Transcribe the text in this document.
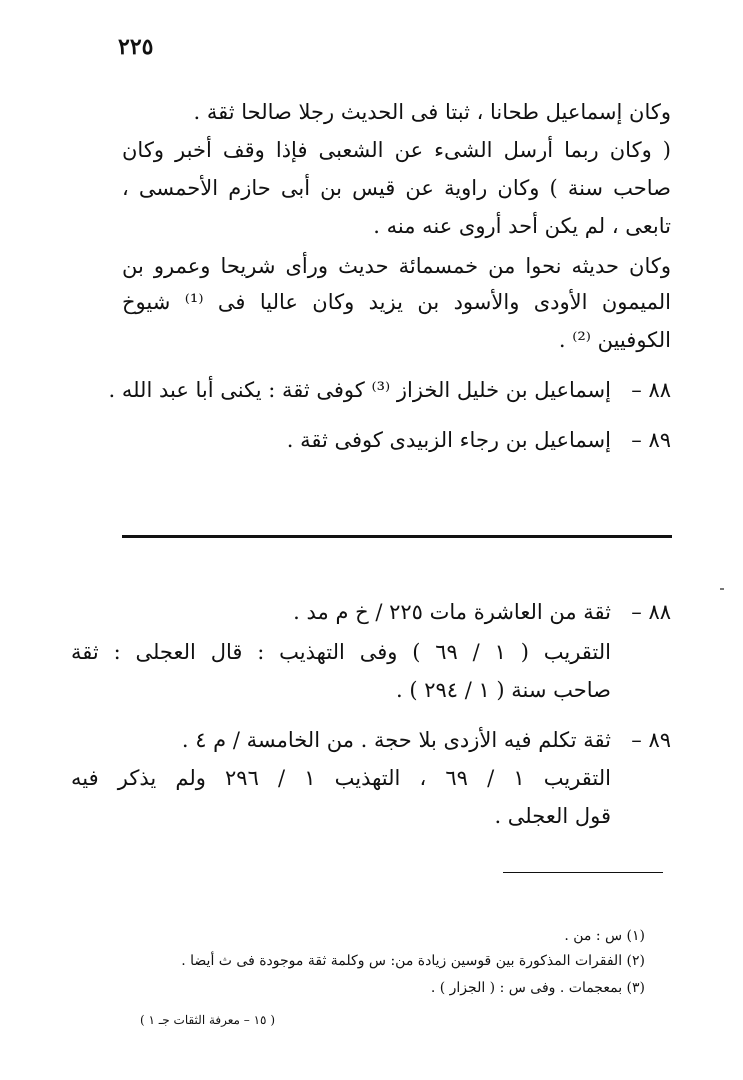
٢٢٥
وكان إسماعيل طحانا ، ثبتا فى الحديث رجلا صالحا ثقة .
( وكان ربما أرسل الشىء عن الشعبى فإذا وقف أخبر وكان
صاحب سنة ) وكان راوية عن قيس بن أبى حازم الأحمسى ،
تابعى ، لم يكن أحد أروى عنه منه .
وكان حديثه نحوا من خمسمائة حديث ورأى شريحا وعمرو بن
الميمون الأودى والأسود بن يزيد وكان عاليا فى ⁽¹⁾ شيوخ
الكوفيين ⁽²⁾ .
٨٨ –
إسماعيل بن خليل الخزاز ⁽³⁾ كوفى ثقة : يكنى أبا عبد الله .
٨٩ –
إسماعيل بن رجاء الزبيدى كوفى ثقة .
٨٨ –
ثقة من العاشرة مات ٢٢٥ / خ م مد .
التقريب ( ١ / ٦٩ ) وفى التهذيب : قال العجلى : ثقة
صاحب سنة ( ١ / ٢٩٤ ) .
٨٩ –
ثقة تكلم فيه الأزدى بلا حجة . من الخامسة / م ٤ .
التقريب ١ / ٦٩ ، التهذيب ١ / ٢٩٦ ولم يذكر فيه
قول العجلى .
(١) س : من .
(٢) الفقرات المذكورة بين قوسين زيادة من: س وكلمة ثقة موجودة فى ث أيضا .
(٣) بمعجمات . وفى س : ( الجزار ) .
( ١٥ – معرفة الثقات جـ ١ )
